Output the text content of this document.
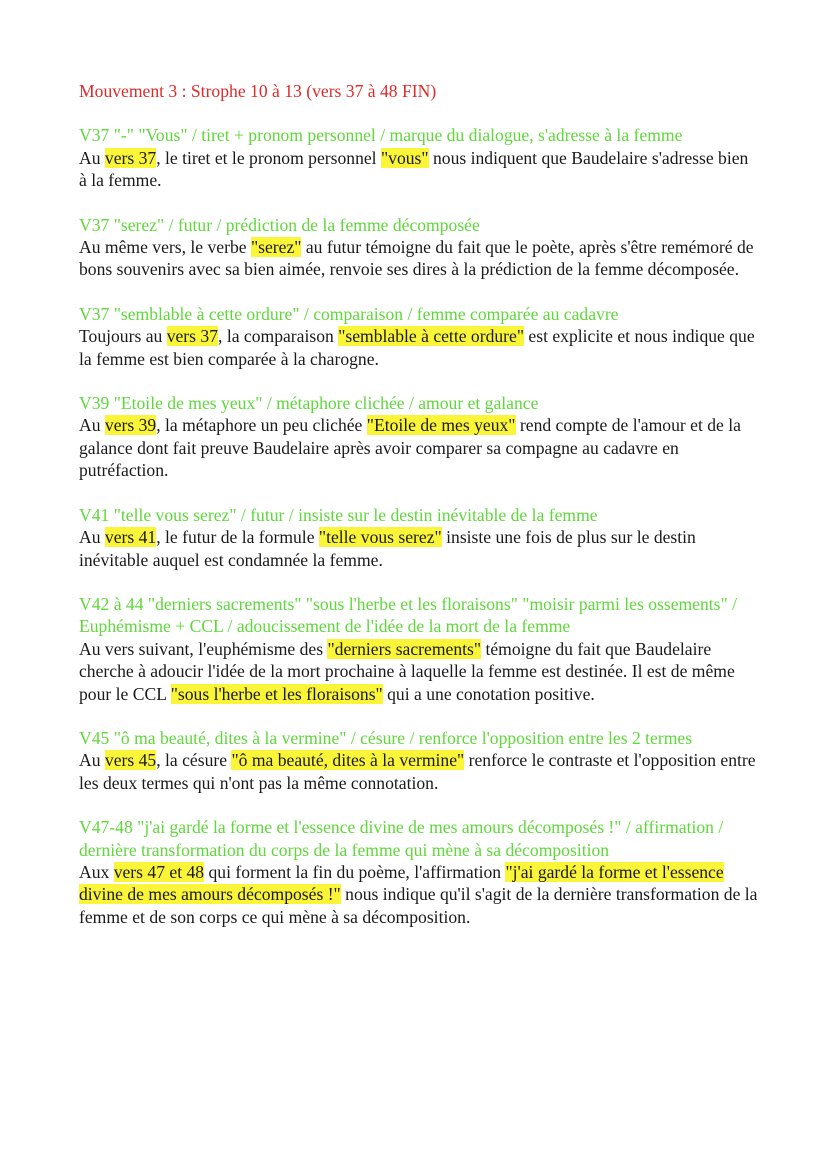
Mouvement 3 : Strophe 10 à 13 (vers 37 à 48 FIN)
V37 "-" "Vous" / tiret + pronom personnel / marque du dialogue, s'adresse à la femme
Au vers 37, le tiret et le pronom personnel "vous" nous indiquent que Baudelaire s'adresse bien à la femme.
V37 "serez" / futur / prédiction de la femme décomposée
Au même vers, le verbe "serez" au futur témoigne du fait que le poète, après s'être remémoré de bons souvenirs avec sa bien aimée, renvoie ses dires à la prédiction de la femme décomposée.
V37 "semblable à cette ordure" / comparaison / femme comparée au cadavre
Toujours au vers 37, la comparaison "semblable à cette ordure" est explicite et nous indique que la femme est bien comparée à la charogne.
V39 "Etoile de mes yeux" / métaphore clichée / amour et galance
Au vers 39, la métaphore un peu clichée "Etoile de mes yeux" rend compte de l'amour et de la galance dont fait preuve Baudelaire après avoir comparer sa compagne au cadavre en putréfaction.
V41 "telle vous serez" / futur / insiste sur le destin inévitable de la femme
Au vers 41, le futur de la formule "telle vous serez" insiste une fois de plus sur le destin inévitable auquel est condamnée la femme.
V42 à 44 "derniers sacrements" "sous l'herbe et les floraisons" "moisir parmi les ossements" / Euphémisme + CCL / adoucissement de l'idée de la mort de la femme
Au vers suivant, l'euphémisme des "derniers sacrements" témoigne du fait que Baudelaire cherche à adoucir l'idée de la mort prochaine à laquelle la femme est destinée. Il est de même pour le CCL "sous l'herbe et les floraisons" qui a une conotation positive.
V45 "ô ma beauté, dites à la vermine" / césure / renforce l'opposition entre les 2 termes
Au vers 45, la césure "ô ma beauté, dites à la vermine" renforce le contraste et l'opposition entre les deux termes qui n'ont pas la même connotation.
V47-48 "j'ai gardé la forme et l'essence divine de mes amours décomposés !" / affirmation / dernière transformation du corps de la femme qui mène à sa décomposition
Aux vers 47 et 48 qui forment la fin du poème, l'affirmation "j'ai gardé la forme et l'essence divine de mes amours décomposés !" nous indique qu'il s'agit de la dernière transformation de la femme et de son corps ce qui mène à sa décomposition.
